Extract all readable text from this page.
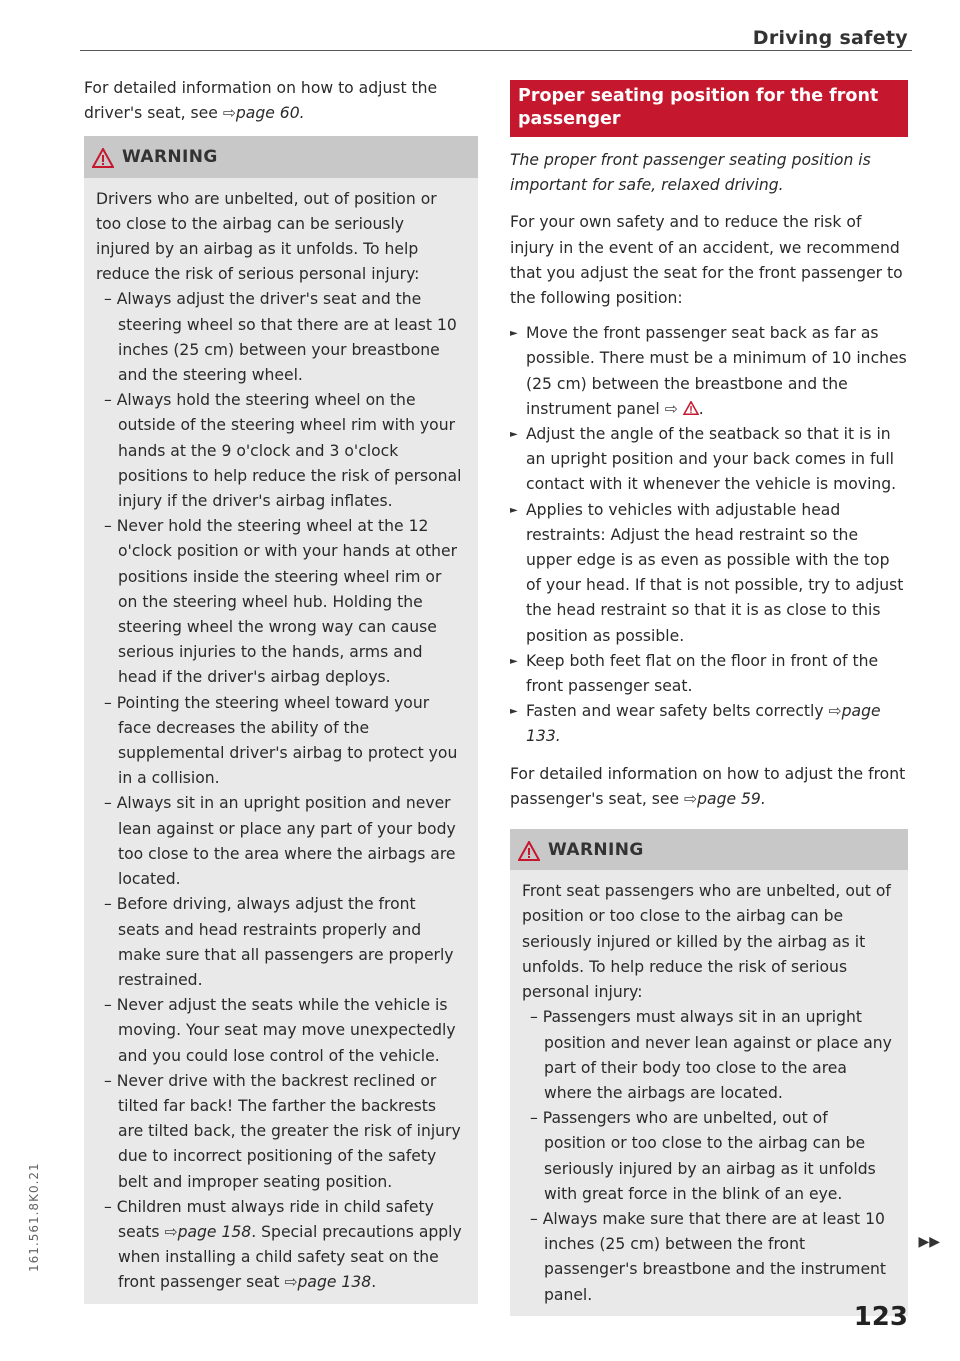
Driving safety

For detailed information on how to adjust the driver's seat, see ⇨page 60.

WARNING

Drivers who are unbelted, out of position or too close to the airbag can be seriously injured by an airbag as it unfolds. To help reduce the risk of serious personal injury:

– Always adjust the driver's seat and the steering wheel so that there are at least 10 inches (25 cm) between your breastbone and the steering wheel.
– Always hold the steering wheel on the outside of the steering wheel rim with your hands at the 9 o'clock and 3 o'clock positions to help reduce the risk of personal injury if the driver's airbag inflates.
– Never hold the steering wheel at the 12 o'clock position or with your hands at other positions inside the steering wheel rim or on the steering wheel hub. Holding the steering wheel the wrong way can cause serious injuries to the hands, arms and head if the driver's airbag deploys.
– Pointing the steering wheel toward your face decreases the ability of the supplemental driver's airbag to protect you in a collision.
– Always sit in an upright position and never lean against or place any part of your body too close to the area where the airbags are located.
– Before driving, always adjust the front seats and head restraints properly and make sure that all passengers are properly restrained.
– Never adjust the seats while the vehicle is moving. Your seat may move unexpectedly and you could lose control of the vehicle.
– Never drive with the backrest reclined or tilted far back! The farther the backrests are tilted back, the greater the risk of injury due to incorrect positioning of the safety belt and improper seating position.
– Children must always ride in child safety seats ⇨page 158. Special precautions apply when installing a child safety seat on the front passenger seat ⇨page 138.
Proper seating position for the front passenger

The proper front passenger seating position is important for safe, relaxed driving.

For your own safety and to reduce the risk of injury in the event of an accident, we recommend that you adjust the seat for the front passenger to the following position:

► Move the front passenger seat back as far as possible. There must be a minimum of 10 inches (25 cm) between the breastbone and the instrument panel ⇨ .
► Adjust the angle of the seatback so that it is in an upright position and your back comes in full contact with it whenever the vehicle is moving.
► Applies to vehicles with adjustable head restraints: Adjust the head restraint so the upper edge is as even as possible with the top of your head. If that is not possible, try to adjust the head restraint so that it is as close to this position as possible.
► Keep both feet flat on the floor in front of the front passenger seat.
► Fasten and wear safety belts correctly ⇨page 133.

For detailed information on how to adjust the front passenger's seat, see ⇨page 59.

WARNING

Front seat passengers who are unbelted, out of position or too close to the airbag can be seriously injured or killed by the airbag as it unfolds. To help reduce the risk of serious personal injury:

– Passengers must always sit in an upright position and never lean against or place any part of their body too close to the area where the airbags are located.
– Passengers who are unbelted, out of position or too close to the airbag can be seriously injured by an airbag as it unfolds with great force in the blink of an eye.
– Always make sure that there are at least 10 inches (25 cm) between the front passenger's breastbone and the instrument panel.
▶▶
123
161.561.8K0.21
